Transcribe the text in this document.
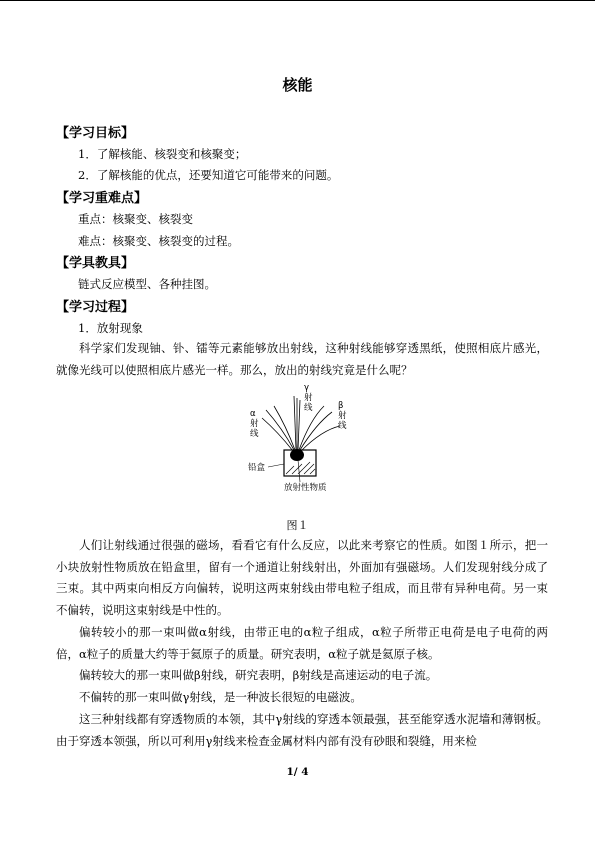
核能
【学习目标】
1．了解核能、核裂变和核聚变；
2．了解核能的优点，还要知道它可能带来的问题。
【学习重难点】
重点：核聚变、核裂变
难点：核聚变、核裂变的过程。
【学具教具】
链式反应模型、各种挂图。
【学习过程】
1．放射现象

科学家们发现铀、钋、镭等元素能够放出射线，这种射线能够穿透黑纸，使照相底片感光，就像光线可以使照相底片感光一样。那么，放出的射线究竟是什么呢？

α 射线
γ 射线	β 射线
铅盒
放射性物质
图１

人们让射线通过很强的磁场，看看它有什么反应，以此来考察它的性质。如图１所示，把一小块放射性物质放在铅盒里，留有一个通道让射线射出，外面加有强磁场。人们发现射线分成了三束。其中两束向相反方向偏转，说明这两束射线由带电粒子组成，而且带有异种电荷。另一束不偏转，说明这束射线是中性的。

偏转较小的那一束叫做α射线，由带正电的α粒子组成，α粒子所带正电荷是电子电荷的两倍，α粒子的质量大约等于氦原子的质量。研究表明，α粒子就是氦原子核。

偏转较大的那一束叫做β射线，研究表明，β射线是高速运动的电子流。

不偏转的那一束叫做γ射线，是一种波长很短的电磁波。

这三种射线都有穿透物质的本领，其中γ射线的穿透本领最强，甚至能穿透水泥墙和薄钢板。由于穿透本领强，所以可利用γ射线来检查金属材料内部有没有砂眼和裂缝，用来检

1/ 4
